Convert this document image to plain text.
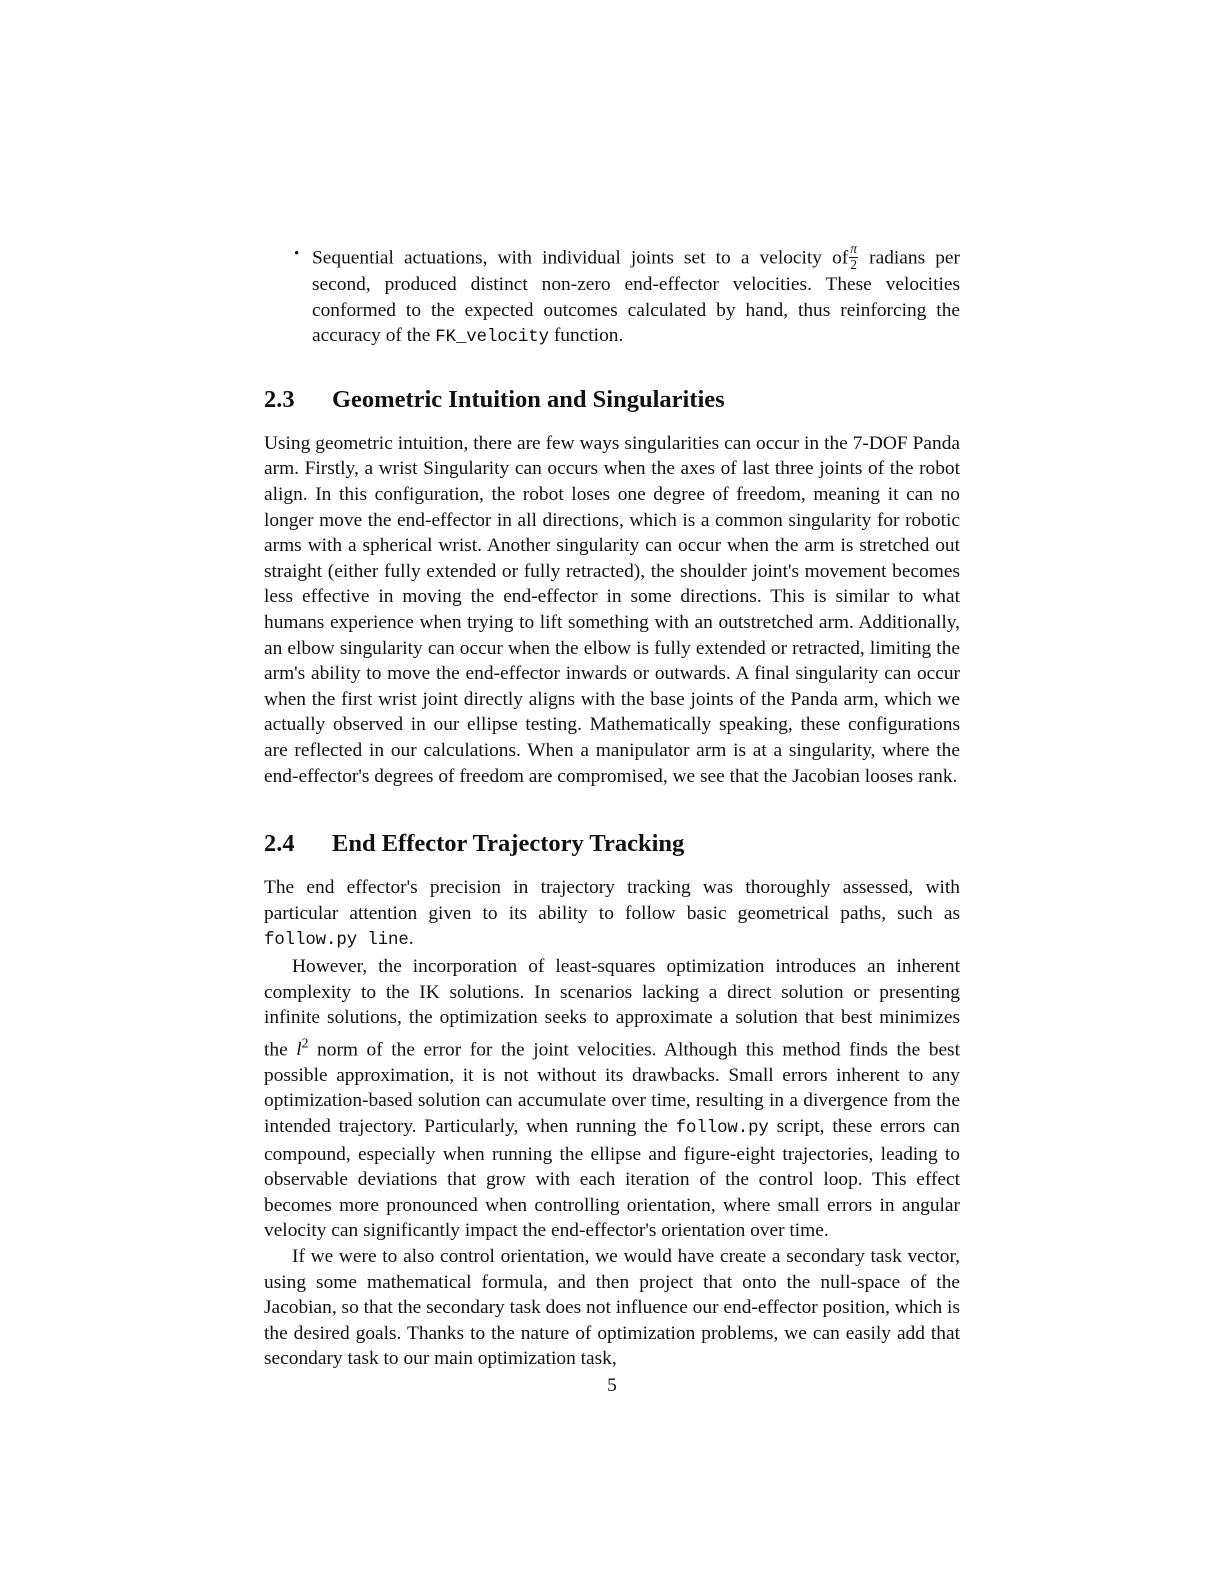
• Sequential actuations, with individual joints set to a velocity of $\frac{\pi}{2}$ radians per second, produced distinct non-zero end-effector velocities. These velocities conformed to the expected outcomes calculated by hand, thus reinforcing the accuracy of the FK_velocity function.
2.3 Geometric Intuition and Singularities

Using geometric intuition, there are few ways singularities can occur in the 7-DOF Panda arm. Firstly, a wrist Singularity can occurs when the axes of last three joints of the robot align. In this configuration, the robot loses one degree of freedom, meaning it can no longer move the end-effector in all directions, which is a common singularity for robotic arms with a spherical wrist. Another singularity can occur when the arm is stretched out straight (either fully extended or fully retracted), the shoulder joint's movement becomes less effective in moving the end-effector in some directions. This is similar to what humans experience when trying to lift something with an outstretched arm. Additionally, an elbow singularity can occur when the elbow is fully extended or retracted, limiting the arm's ability to move the end-effector inwards or outwards. A final singularity can occur when the first wrist joint directly aligns with the base joints of the Panda arm, which we actually observed in our ellipse testing. Mathematically speaking, these configurations are reflected in our calculations. When a manipulator arm is at a singularity, where the end-effector's degrees of freedom are compromised, we see that the Jacobian looses rank.

2.4 End Effector Trajectory Tracking

The end effector's precision in trajectory tracking was thoroughly assessed, with particular attention given to its ability to follow basic geometrical paths, such as follow.py line.

However, the incorporation of least-squares optimization introduces an inherent complexity to the IK solutions. In scenarios lacking a direct solution or presenting infinite solutions, the optimization seeks to approximate a solution that best minimizes the $l^2$ norm of the error for the joint velocities. Although this method finds the best possible approximation, it is not without its drawbacks. Small errors inherent to any optimization-based solution can accumulate over time, resulting in a divergence from the intended trajectory. Particularly, when running the follow.py script, these errors can compound, especially when running the ellipse and figure-eight trajectories, leading to observable deviations that grow with each iteration of the control loop. This effect becomes more pronounced when controlling orientation, where small errors in angular velocity can significantly impact the end-effector's orientation over time.

If we were to also control orientation, we would have create a secondary task vector, using some mathematical formula, and then project that onto the null-space of the Jacobian, so that the secondary task does not influence our end-effector position, which is the desired goals. Thanks to the nature of optimization problems, we can easily add that secondary task to our main optimization task,

5
